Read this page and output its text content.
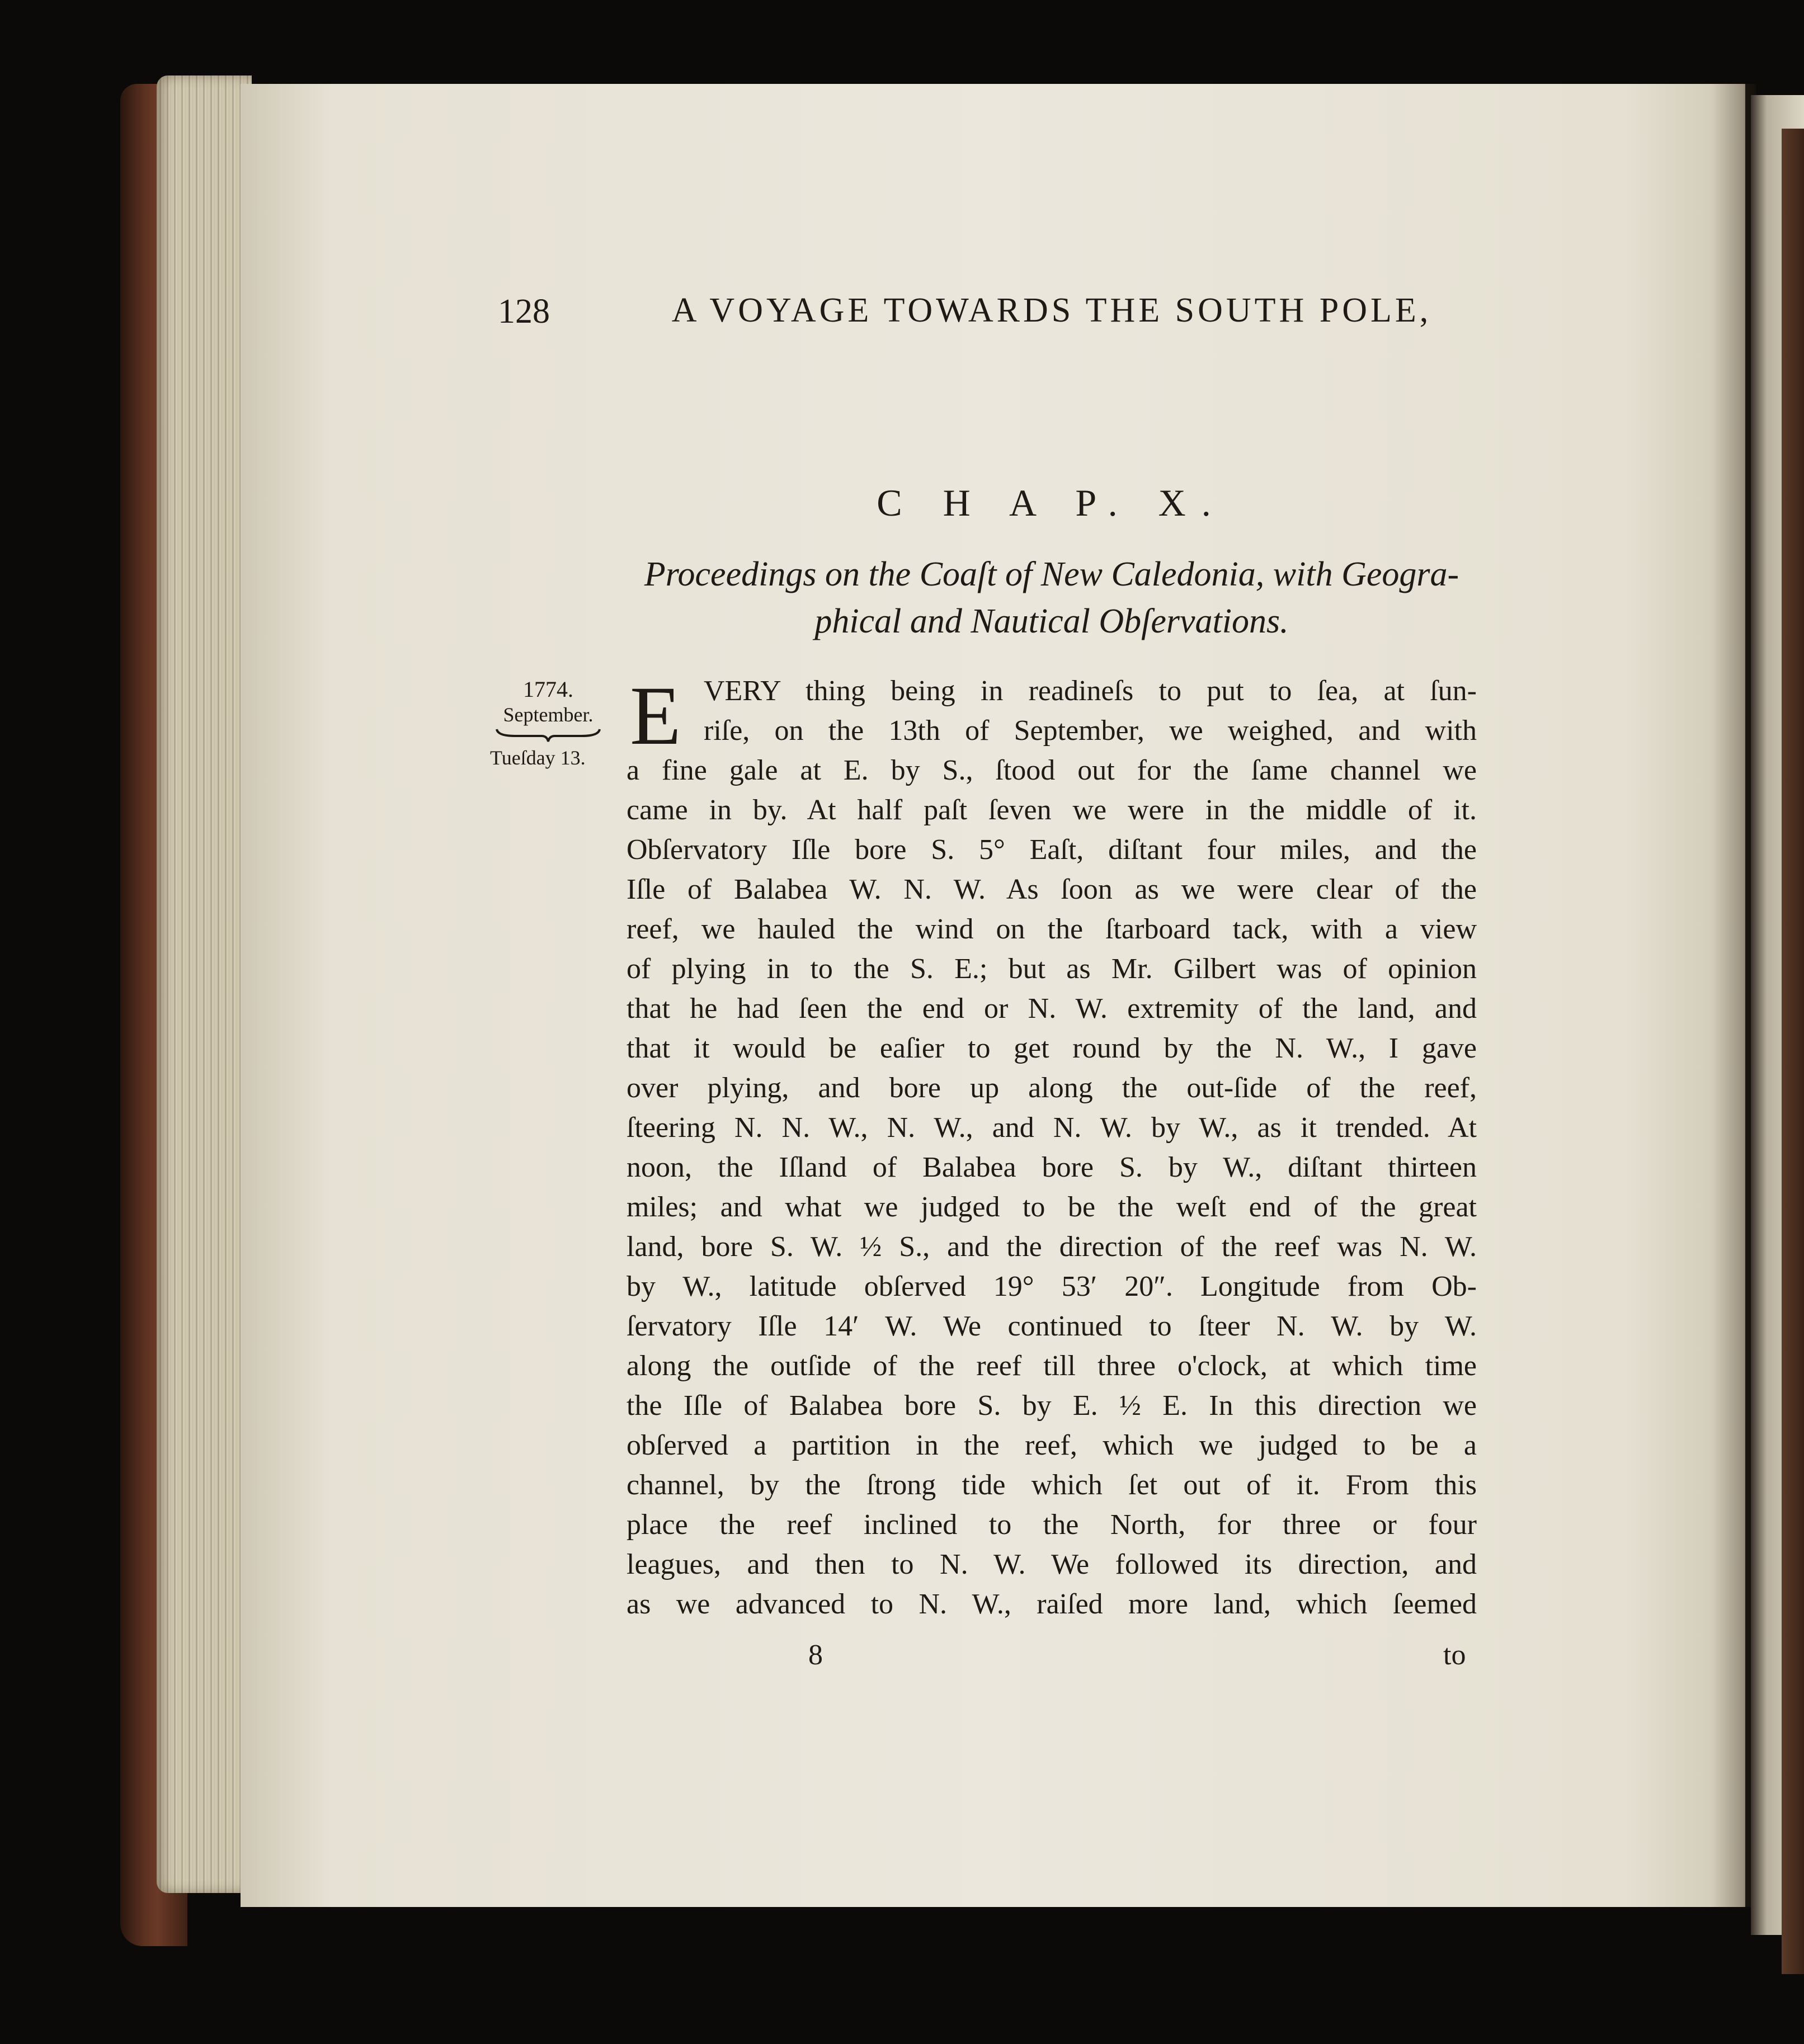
128	A VOYAGE TOWARDS THE SOUTH POLE,
C H A P. X.
Proceedings on the Coaſt of New Caledonia, with Geogra-
phical and Nautical Obſervations.
1774.
September.
Tueſday 13. E VERY thing being in readineſs to put to ſea, at ſun-
riſe, on the 13th of September, we weighed, and with
a fine gale at E. by S., ſtood out for the ſame channel we
came in by. At half paſt ſeven we were in the middle of it.
Obſervatory Iſle bore S. 5° Eaſt, diſtant four miles, and the
Iſle of Balabea W. N. W. As ſoon as we were clear of the
reef, we hauled the wind on the ſtarboard tack, with a view
of plying in to the S. E.; but as Mr. Gilbert was of opinion
that he had ſeen the end or N. W. extremity of the land, and
that it would be eaſier to get round by the N. W., I gave
over plying, and bore up along the out-ſide of the reef,
ſteering N. N. W., N. W., and N. W. by W., as it trended. At
noon, the Iſland of Balabea bore S. by W., diſtant thirteen
miles; and what we judged to be the weſt end of the great
land, bore S. W. ½ S., and the direction of the reef was N. W.
by W., latitude obſerved 19° 53′ 20″. Longitude from Ob-
ſervatory Iſle 14′ W. We continued to ſteer N. W. by W.
along the outſide of the reef till three o'clock, at which time
the Iſle of Balabea bore S. by E. ½ E. In this direction we
obſerved a partition in the reef, which we judged to be a
channel, by the ſtrong tide which ſet out of it. From this
place the reef inclined to the North, for three or four
leagues, and then to N. W. We followed its direction, and
as we advanced to N. W., raiſed more land, which ſeemed
8	to
